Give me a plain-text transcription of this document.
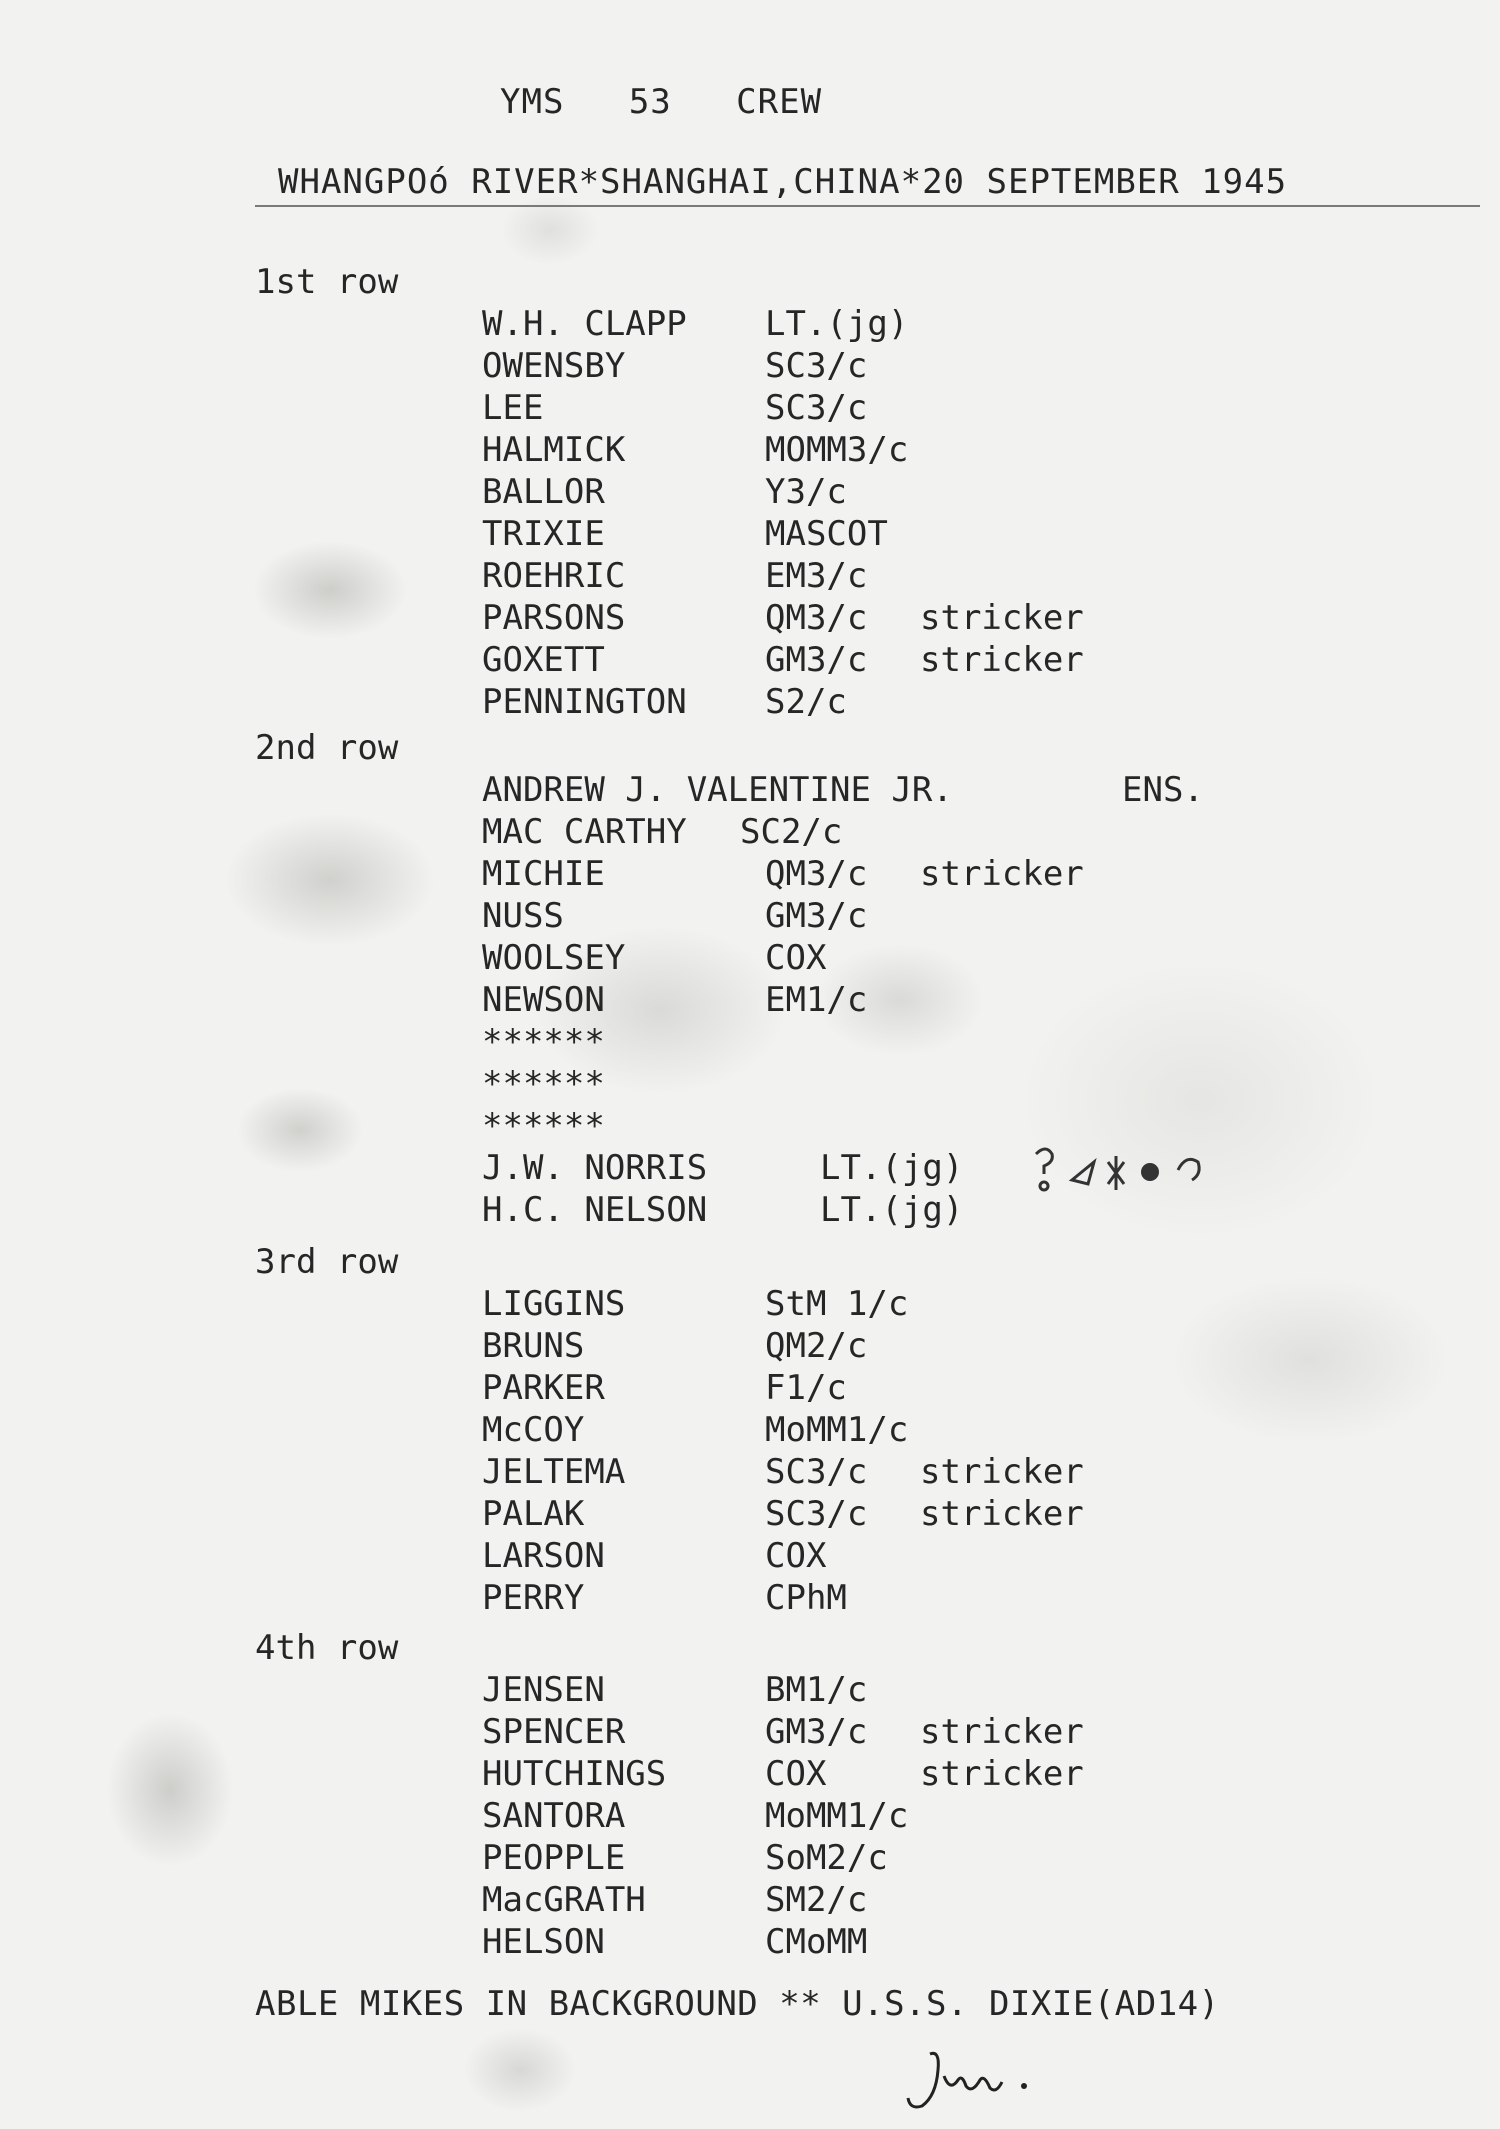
YMS   53   CREW
WHANGPOó RIVER*SHANGHAI,CHINA*20 SEPTEMBER 1945
1st row
W.H. CLAPP LT.(jg)
OWENSBY	SC3/c
LEE	SC3/c
HALMICK	MOMM3/c
BALLOR	Y3/c
TRIXIE	MASCOT
ROEHRIC	EM3/c
PARSONS	QM3/c stricker
GOXETT	GM3/c stricker
PENNINGTON S2/c
2nd row
ANDREW J. VALENTINE JR.	ENS.
MAC CARTHY SC2/c
MICHIE	QM3/c stricker
NUSS	GM3/c
WOOLSEY	COX
NEWSON	EM1/c
******
******
******
J.W. NORRIS	LT.(jg)
H.C. NELSON	LT.(jg)
3rd row
LIGGINS	StM 1/c
BRUNS	QM2/c
PARKER	F1/c
McCOY	MoMM1/c
JELTEMA	SC3/c stricker
PALAK	SC3/c stricker
LARSON	COX
PERRY	CPhM
4th row
JENSEN	BM1/c
SPENCER	GM3/c stricker
HUTCHINGS	COX	stricker
SANTORA	MoMM1/c
PEOPPLE	SoM2/c
MacGRATH	SM2/c
HELSON	CMoMM
ABLE MIKES IN BACKGROUND ** U.S.S. DIXIE(AD14)
